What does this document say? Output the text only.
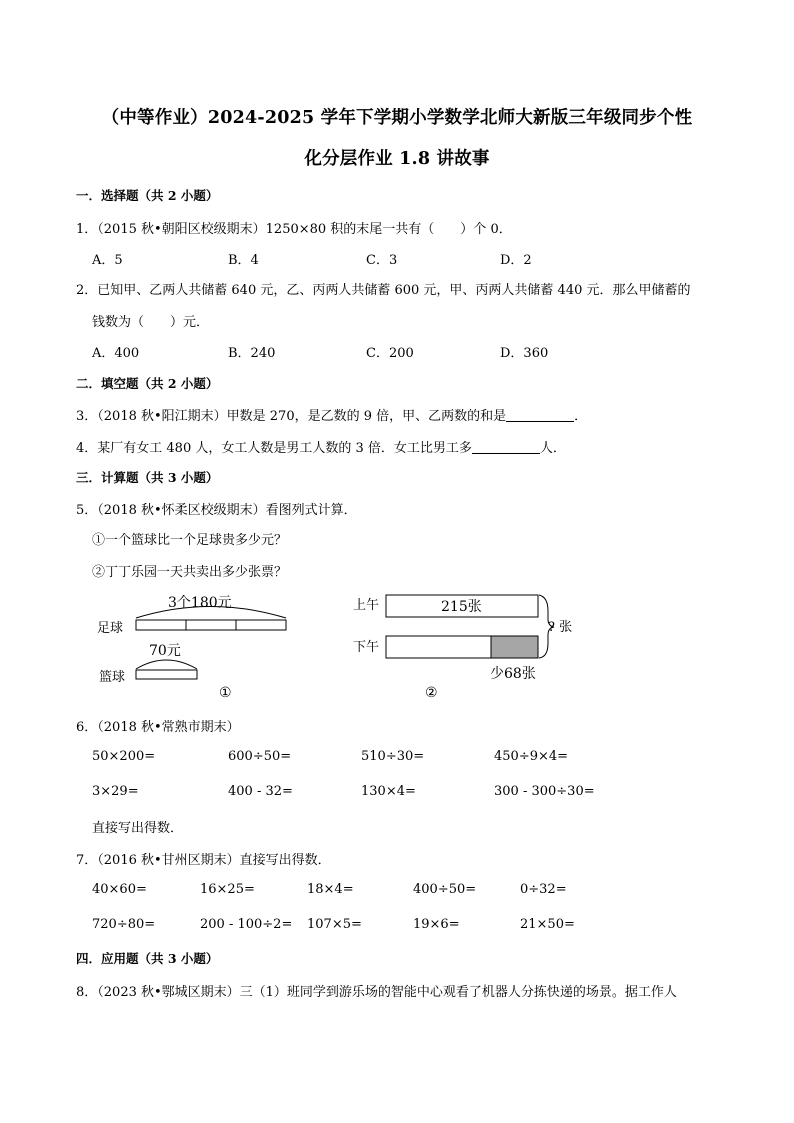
（中等作业）2024-2025 学年下学期小学数学北师大新版三年级同步个性
化分层作业 1.8 讲故事
一．选择题（共 2 小题）
1．（2015 秋•朝阳区校级期末）1250×80 积的末尾一共有（　　）个 0．
A．5	B．4	C．3	D．2
2．已知甲、乙两人共储蓄 640 元，乙、丙两人共储蓄 600 元，甲、丙两人共储蓄 440 元．那么甲储蓄的
钱数为（　　）元．
A．400	B．240	C．200	D．360
二．填空题（共 2 小题）
3．（2018 秋•阳江期末）甲数是 270，是乙数的 9 倍，甲、乙两数的和是	．
4．某厂有女工 480 人，女工人数是男工人数的 3 倍．女工比男工多	人．
三．计算题（共 3 小题）
5．（2018 秋•怀柔区校级期末）看图列式计算．
①一个篮球比一个足球贵多少元？
②丁丁乐园一天共卖出多少张票？
3个180元
足球
70元
篮球
①
上午	215张
下午
? 张
少68张
②
6．（2018 秋•常熟市期末）
50×200=	600÷50=	510÷30=	450÷9×4=
3×29=	400 - 32=	130×4=	300 - 300÷30=
直接写出得数．
7．（2016 秋•甘州区期末）直接写出得数．
40×60=	16×25=	18×4=	400÷50=	0÷32=
720÷80=	200 - 100÷2= 107×5=	19×6=	21×50=
四．应用题（共 3 小题）
8．（2023 秋•鄂城区期末）三（1）班同学到游乐场的智能中心观看了机器人分拣快递的场景。据工作人
